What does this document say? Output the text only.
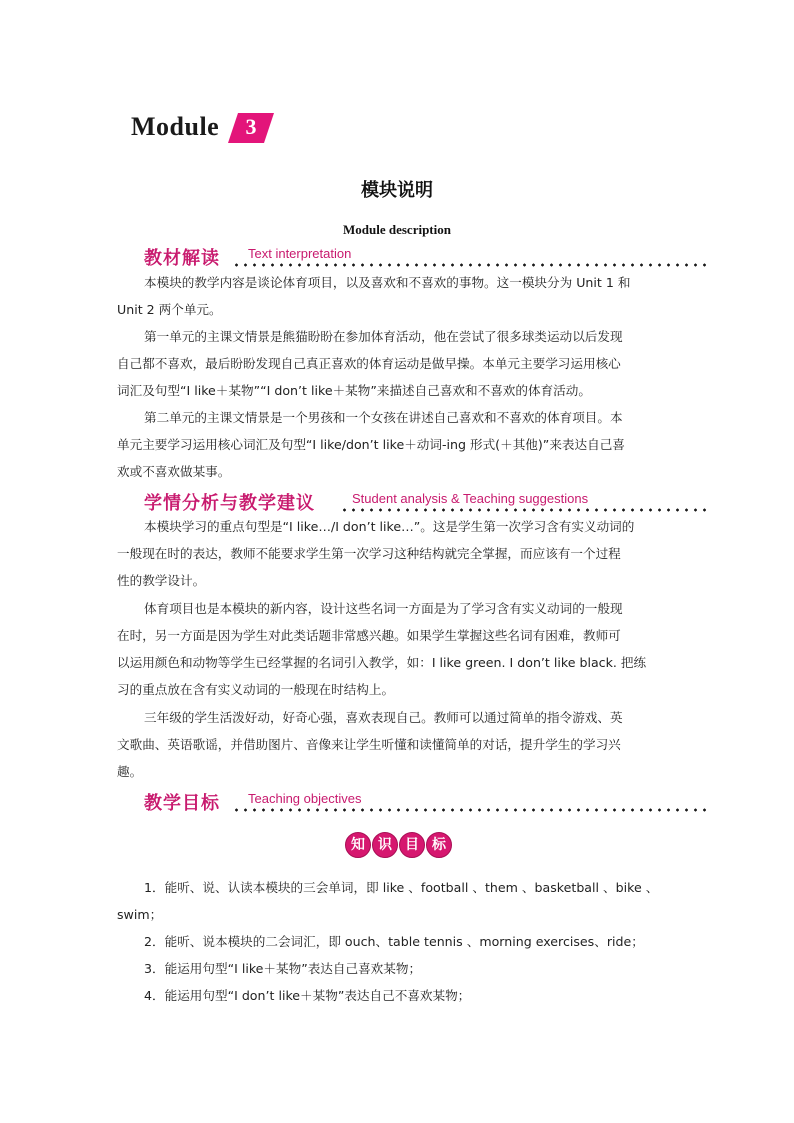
Module	3
模块说明
Module description
教材解读 Text interpretation
本模块的教学内容是谈论体育项目，以及喜欢和不喜欢的事物。这一模块分为 Unit 1 和
Unit 2 两个单元。
第一单元的主课文情景是熊猫盼盼在参加体育活动，他在尝试了很多球类运动以后发现
自己都不喜欢，最后盼盼发现自己真正喜欢的体育运动是做早操。本单元主要学习运用核心
词汇及句型“I like＋某物”“I don’t like＋某物”来描述自己喜欢和不喜欢的体育活动。
第二单元的主课文情景是一个男孩和一个女孩在讲述自己喜欢和不喜欢的体育项目。本
单元主要学习运用核心词汇及句型“I like/don’t like＋动词-ing 形式(＋其他)”来表达自己喜
欢或不喜欢做某事。
学情分析与教学建议	Student analysis & Teaching suggestions
本模块学习的重点句型是“I like…/I don’t like…”。这是学生第一次学习含有实义动词的
一般现在时的表达，教师不能要求学生第一次学习这种结构就完全掌握，而应该有一个过程
性的教学设计。
体育项目也是本模块的新内容，设计这些名词一方面是为了学习含有实义动词的一般现
在时，另一方面是因为学生对此类话题非常感兴趣。如果学生掌握这些名词有困难，教师可
以运用颜色和动物等学生已经掌握的名词引入教学，如：I like green. I don’t like black. 把练
习的重点放在含有实义动词的一般现在时结构上。
三年级的学生活泼好动，好奇心强，喜欢表现自己。教师可以通过简单的指令游戏、英
文歌曲、英语歌谣，并借助图片、音像来让学生听懂和读懂简单的对话，提升学生的学习兴
趣。
教学目标 Teaching objectives
知 识 目 标
1．能听、说、认读本模块的三会单词，即 like 、football 、them 、basketball 、bike 、
swim；
2．能听、说本模块的二会词汇，即 ouch、table tennis 、morning exercises、ride；
3．能运用句型“I like＋某物”表达自己喜欢某物；
4．能运用句型“I don’t like＋某物”表达自己不喜欢某物；
